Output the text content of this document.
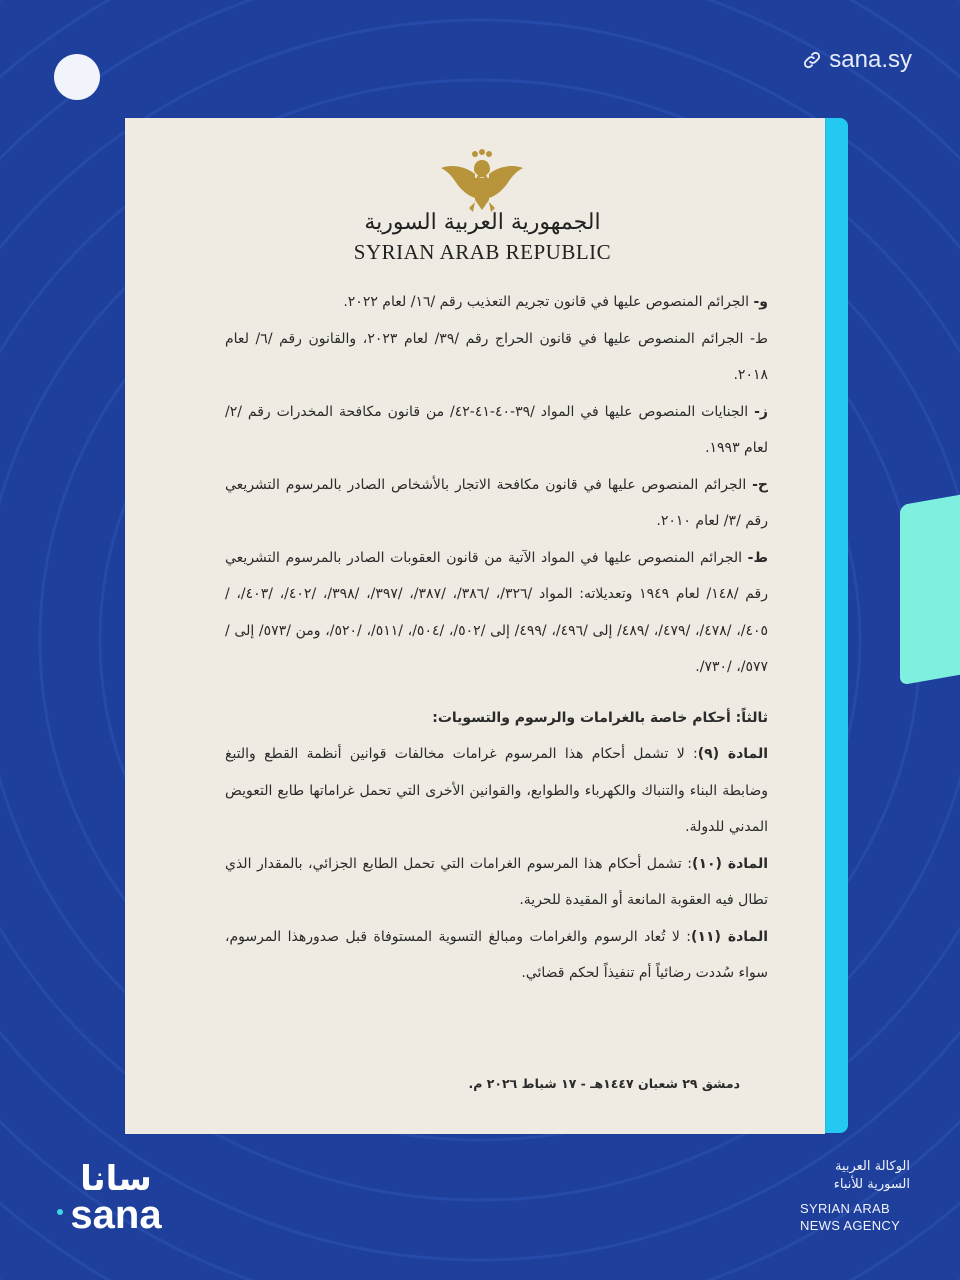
sana.sy
الجمهورية العربية السورية
SYRIAN ARAB REPUBLIC

و- الجرائم المنصوص عليها في قانون تجريم التعذيب رقم /١٦/ لعام ٢٠٢٢.

ط- الجرائم المنصوص عليها في قانون الحراج رقم /٣٩/ لعام ٢٠٢٣، والقانون رقم /٦/ لعام ٢٠١٨.

ز- الجنايات المنصوص عليها في المواد /٣٩-٤٠-٤١-٤٢/ من قانون مكافحة المخدرات رقم /٢/ لعام ١٩٩٣.

ح- الجرائم المنصوص عليها في قانون مكافحة الاتجار بالأشخاص الصادر بالمرسوم التشريعي رقم /٣/ لعام ٢٠١٠.

ط- الجرائم المنصوص عليها في المواد الآتية من قانون العقوبات الصادر بالمرسوم التشريعي رقم /١٤٨/ لعام ١٩٤٩ وتعديلاته: المواد /٣٢٦/، /٣٨٦/، /٣٨٧/، /٣٩٧/، /٣٩٨/، /٤٠٢/، /٤٠٣/، /٤٠٥/، /٤٧٨/، /٤٧٩/، /٤٨٩/ إلى /٤٩٦/، /٤٩٩/ إلى /٥٠٢/، /٥٠٤/، /٥١١/، /٥٢٠/، ومن /٥٧٣/ إلى /٥٧٧/، /٧٣٠/.

ثالثاً: أحكام خاصة بالغرامات والرسوم والتسويات:

المادة (٩): لا تشمل أحكام هذا المرسوم غرامات مخالفات قوانين أنظمة القطع والتبغ وضابطة البناء والتنباك والكهرباء والطوابع، والقوانين الأخرى التي تحمل غراماتها طابع التعويض المدني للدولة.

المادة (١٠): تشمل أحكام هذا المرسوم الغرامات التي تحمل الطابع الجزائي، بالمقدار الذي تطال فيه العقوبة المانعة أو المقيدة للحرية.

المادة (١١): لا تُعاد الرسوم والغرامات ومبالغ التسوية المستوفاة قبل صدورهذا المرسوم، سواء سُددت رضائياً أم تنفيذاً لحكم قضائي.

دمشق ٢٩ شعبان ١٤٤٧هـ - ١٧ شباط ٢٠٢٦ م.
سانا
sana
الوكالة العربية
السورية للأنباء
SYRIAN ARAB
NEWS AGENCY
